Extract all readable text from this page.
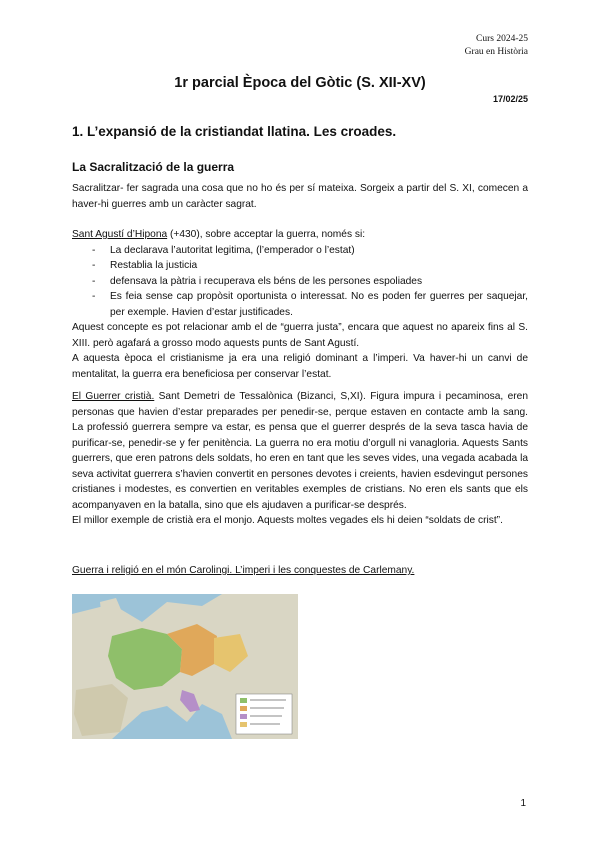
Curs 2024-25
Grau en Història
1r parcial Època del Gòtic (S. XII-XV)
17/02/25
1. L’expansió de la cristiandat llatina. Les croades.
La Sacralització de la guerra

Sacralitzar- fer sagrada una cosa que no ho és per sí mateixa. Sorgeix a partir del S. XI, comecen a haver-hi guerres amb un caràcter sagrat.

Sant Agustí d’Hipona (+430), sobre acceptar la guerra, només si:

- La declarava l’autoritat legitima, (l’emperador o l’estat)
- Restablia la justicia
- defensava la pàtria i recuperava els béns de les persones espoliades
- Es feia sense cap propòsit oportunista o interessat. No es poden fer guerres per saquejar, per exemple. Havien d’estar justificades.

Aquest concepte es pot relacionar amb el de “guerra justa”, encara que aquest no apareix fins al S. XIII. però agafará a grosso modo aquests punts de Sant Agustí.

A aquesta època el cristianisme ja era una religió dominant a l’imperi. Va haver-hi un canvi de mentalitat, la guerra era beneficiosa per conservar l’estat.

El Guerrer cristià. Sant Demetri de Tessalònica (Bizanci, S,XI). Figura impura i pecaminosa, eren personas que havien d’estar preparades per penedir-se, perque estaven en contacte amb la sang. La professió guerrera sempre va estar, es pensa que el guerrer després de la seva tasca havia de purificar-se, penedir-se y fer penitència. La guerra no era motiu d’orgull ni vanagloria. Aquests Sants guerrers, que eren patrons dels soldats, ho eren en tant que les seves vides, una vegada acabada la seva activitat guerrera s’havien convertit en persones devotes i creients, havien esdevingut persones cristianes i modestes, es convertien en veritables exemples de cristians. No eren els sants que els acompanyaven en la batalla, sino que els ajudaven a purificar-se després.

El millor exemple de cristià era el monjo. Aquests moltes vegades els hi deien “soldats de crist”.

Guerra i religió en el món Carolingi. L’imperi i les conquestes de Carlemany.

1
